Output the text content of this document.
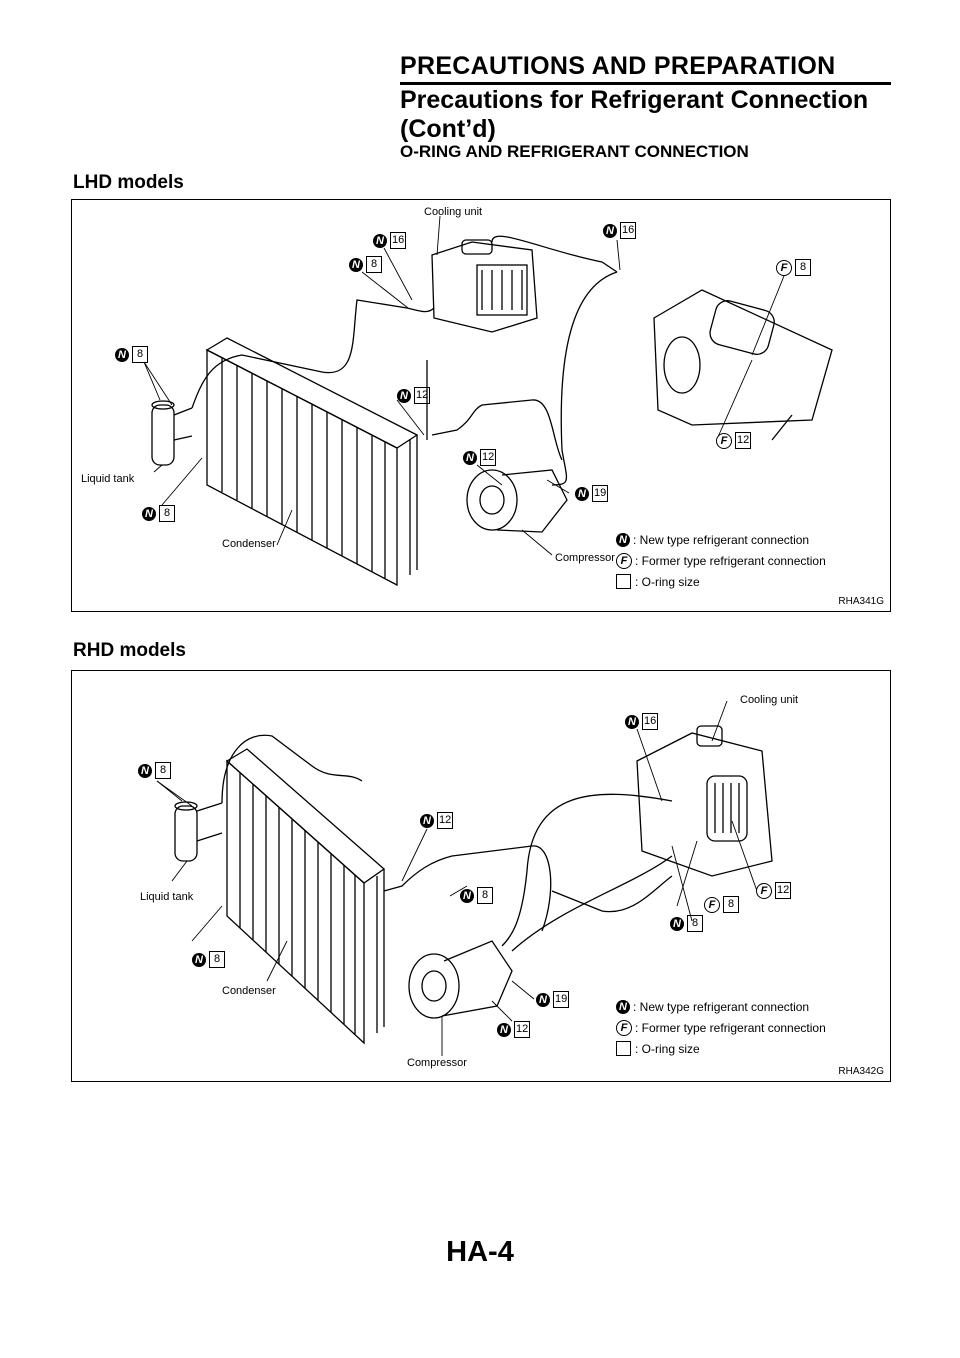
PRECAUTIONS AND PREPARATION
Precautions for Refrigerant Connection
(Cont’d)
O-RING AND REFRIGERANT CONNECTION
LHD models
Cooling unit
Liquid tank
Condenser
Compressor
N 16
N 16
N 8	F	8
N 8
N 12
F 12
N 12
N 19
N 8
N : New type refrigerant connection
F : Former type refrigerant connection
: O-ring size
RHA341G
RHD models
Cooling unit
Liquid tank
Condenser
Compressor
N 16
N 8
N 12
N 8	F 12
F	8
N 8
N 8
N 19
N 12
N : New type refrigerant connection
F : Former type refrigerant connection
: O-ring size
RHA342G
HA-4
